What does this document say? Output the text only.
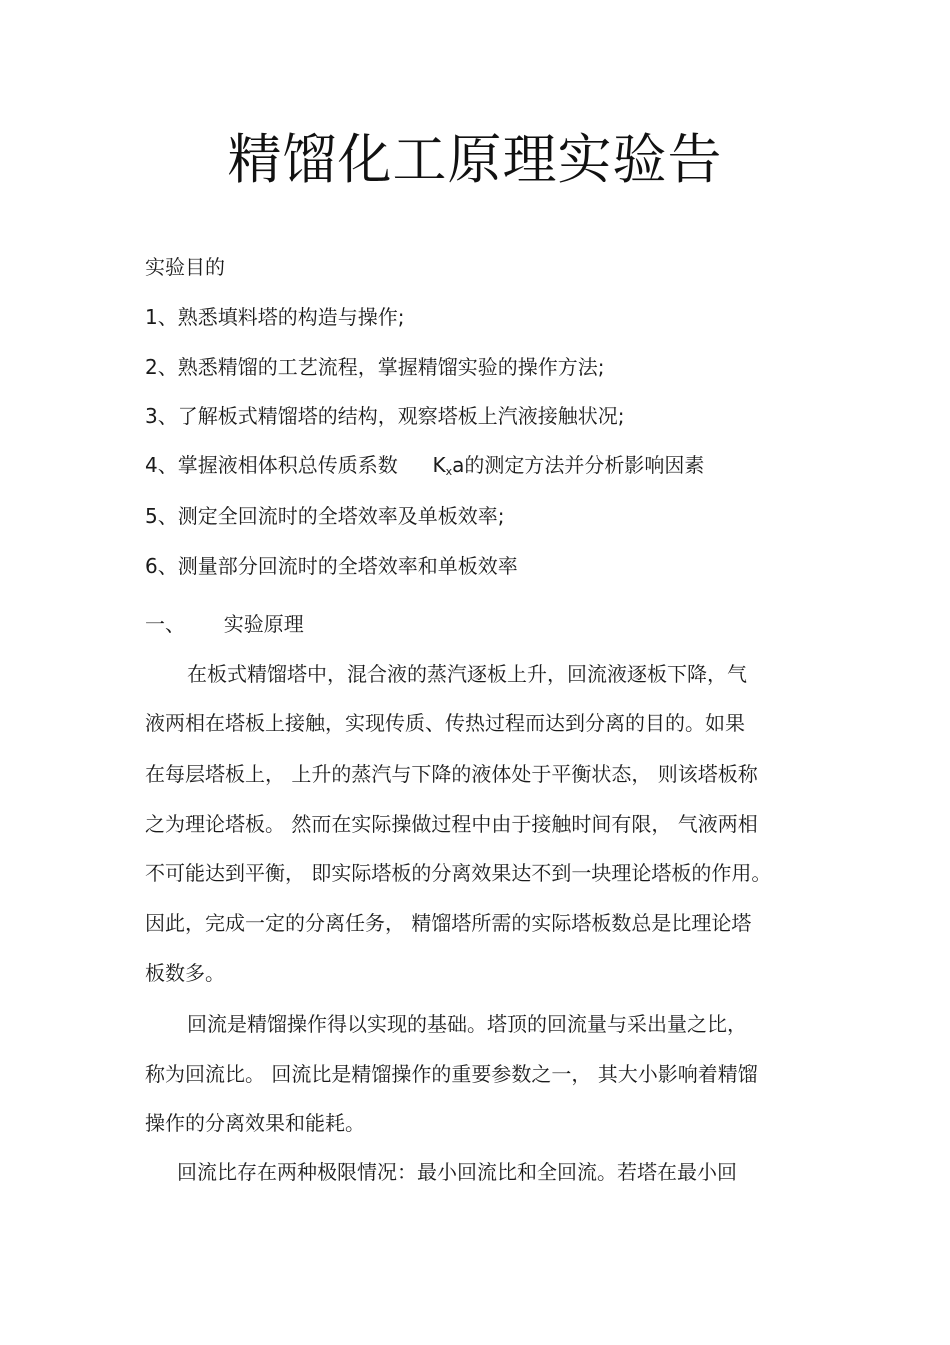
精馏化工原理实验告
实验目的
1、熟悉填料塔的构造与操作;
2、熟悉精馏的工艺流程，掌握精馏实验的操作方法;
3、了解板式精馏塔的结构，观察塔板上汽液接触状况;
4、掌握液相体积总传质系数 $K_xa$的测定方法并分析影响因素
5、测定全回流时的全塔效率及单板效率;
6、测量部分回流时的全塔效率和单板效率
一、 实验原理
在板式精馏塔中，混合液的蒸汽逐板上升，回流液逐板下降，气
液两相在塔板上接触，实现传质、传热过程而达到分离的目的。如果
在每层塔板上， 上升的蒸汽与下降的液体处于平衡状态， 则该塔板称
之为理论塔板。 然而在实际操做过程中由于接触时间有限， 气液两相
不可能达到平衡， 即实际塔板的分离效果达不到一块理论塔板的作用。
因此，完成一定的分离任务， 精馏塔所需的实际塔板数总是比理论塔
板数多。
回流是精馏操作得以实现的基础。塔顶的回流量与采出量之比，
称为回流比。 回流比是精馏操作的重要参数之一， 其大小影响着精馏
操作的分离效果和能耗。
回流比存在两种极限情况：最小回流比和全回流。若塔在最小回
